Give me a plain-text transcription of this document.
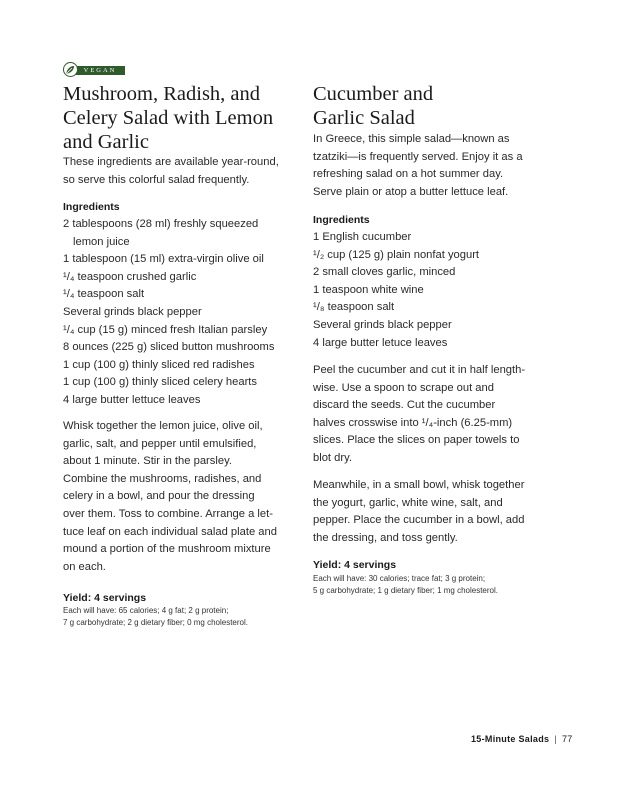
VEGAN
Mushroom, Radish, and
Celery Salad with Lemon
and Garlic

These ingredients are available year-round,
so serve this colorful salad frequently.

Ingredients

2 tablespoons (28 ml) freshly squeezed
lemon juice
1 tablespoon (15 ml) extra-virgin olive oil
¹/₄ teaspoon crushed garlic
¹/₄ teaspoon salt
Several grinds black pepper
¹/₄ cup (15 g) minced fresh Italian parsley
8 ounces (225 g) sliced button mushrooms
1 cup (100 g) thinly sliced red radishes
1 cup (100 g) thinly sliced celery hearts
4 large butter lettuce leaves

Whisk together the lemon juice, olive oil,
garlic, salt, and pepper until emulsified,
about 1 minute. Stir in the parsley.
Combine the mushrooms, radishes, and
celery in a bowl, and pour the dressing
over them. Toss to combine. Arrange a let-
tuce leaf on each individual salad plate and
mound a portion of the mushroom mixture
on each.

Yield: 4 servings

Each will have: 65 calories; 4 g fat; 2 g protein;
7 g carbohydrate; 2 g dietary fiber; 0 mg cholesterol.

Cucumber and
Garlic Salad

In Greece, this simple salad—known as
tzatziki—is frequently served. Enjoy it as a
refreshing salad on a hot summer day.
Serve plain or atop a butter lettuce leaf.

Ingredients

1 English cucumber
¹/₂ cup (125 g) plain nonfat yogurt
2 small cloves garlic, minced
1 teaspoon white wine
¹/₈ teaspoon salt
Several grinds black pepper
4 large butter letuce leaves

Peel the cucumber and cut it in half length-
wise. Use a spoon to scrape out and
discard the seeds. Cut the cucumber
halves crosswise into ¹/₄-inch (6.25-mm)
slices. Place the slices on paper towels to
blot dry.

Meanwhile, in a small bowl, whisk together
the yogurt, garlic, white wine, salt, and
pepper. Place the cucumber in a bowl, add
the dressing, and toss gently.

Yield: 4 servings

Each will have: 30 calories; trace fat; 3 g protein;
5 g carbohydrate; 1 g dietary fiber; 1 mg cholesterol.

15-Minute Salads | 77
